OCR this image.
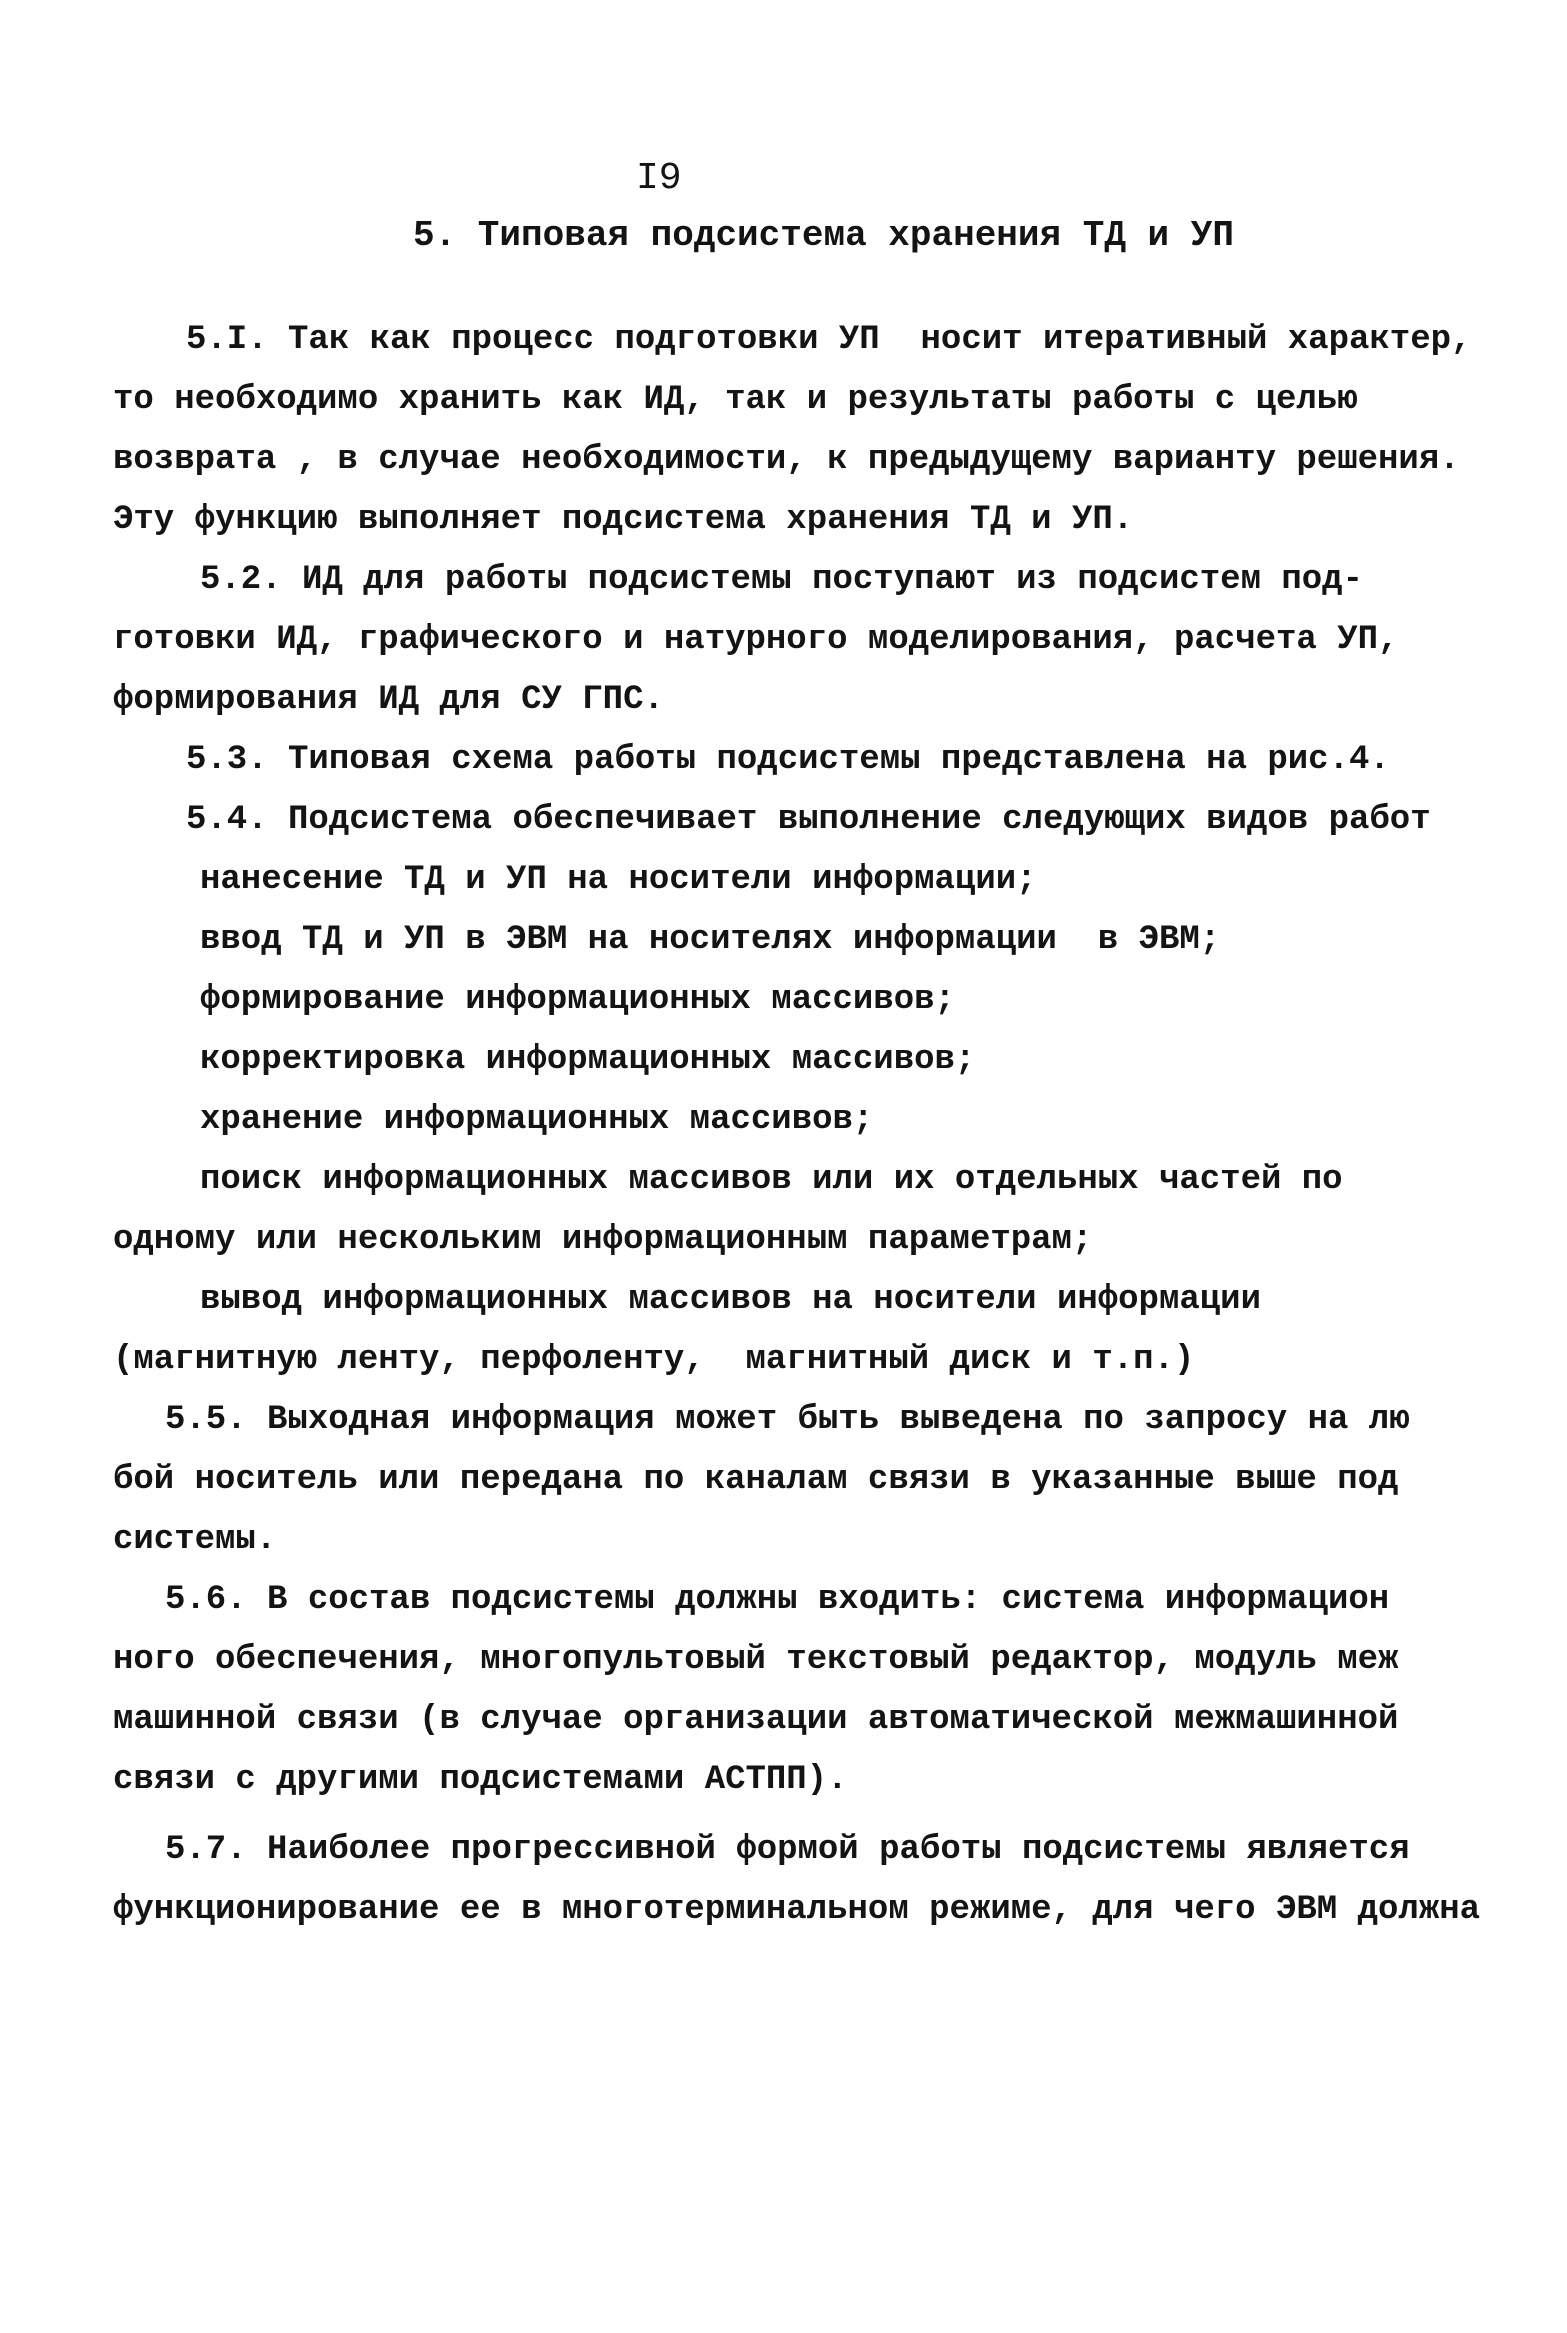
I9
5. Типовая подсистема хранения ТД и УП
5.I. Так как процесс подготовки УП  носит итеративный характер,
то необходимо хранить как ИД, так и результаты работы с целью
возврата , в случае необходимости, к предыдущему варианту решения.
Эту функцию выполняет подсистема хранения ТД и УП.
5.2. ИД для работы подсистемы поступают из подсистем под-
готовки ИД, графического и натурного моделирования, расчета УП,
формирования ИД для СУ ГПС.
5.3. Типовая схема работы подсистемы представлена на рис.4.
5.4. Подсистема обеспечивает выполнение следующих видов работ
нанесение ТД и УП на носители информации;
ввод ТД и УП в ЭВМ на носителях информации  в ЭВМ;
формирование информационных массивов;
корректировка информационных массивов;
хранение информационных массивов;
поиск информационных массивов или их отдельных частей по
одному или нескольким информационным параметрам;
вывод информационных массивов на носители информации
(магнитную ленту, перфоленту,  магнитный диск и т.п.)
5.5. Выходная информация может быть выведена по запросу на лю
бой носитель или передана по каналам связи в указанные выше под
системы.
5.6. В состав подсистемы должны входить: система информацион
ного обеспечения, многопультовый текстовый редактор, модуль меж
машинной связи (в случае организации автоматической межмашинной
связи с другими подсистемами АСТПП).
5.7. Наиболее прогрессивной формой работы подсистемы является
функционирование ее в многотерминальном режиме, для чего ЭВМ должна
